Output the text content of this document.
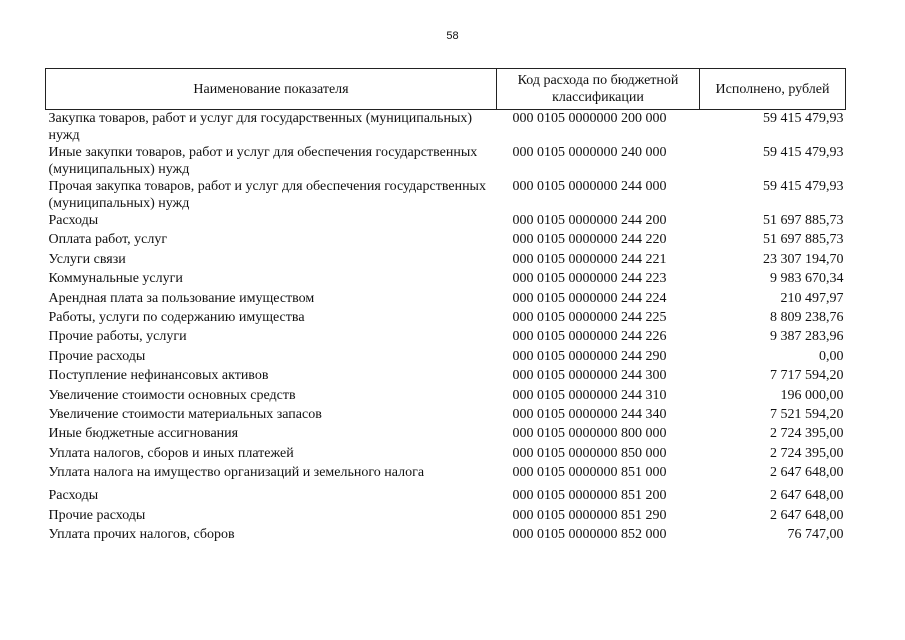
58
Наименование показателя	Код расхода по бюджетной классификации	Исполнено, рублей
Закупка товаров, работ и услуг для государственных (муниципальных) нужд	000 0105 0000000 200 000	59 415 479,93
Иные закупки товаров, работ и услуг для обеспечения государственных (муниципальных) нужд	000 0105 0000000 240 000	59 415 479,93
Прочая закупка товаров, работ и услуг для обеспечения государственных (муниципальных) нужд	000 0105 0000000 244 000	59 415 479,93
Расходы	000 0105 0000000 244 200	51 697 885,73
Оплата работ, услуг	000 0105 0000000 244 220	51 697 885,73
Услуги связи	000 0105 0000000 244 221	23 307 194,70
Коммунальные услуги	000 0105 0000000 244 223	9 983 670,34
Арендная плата за пользование имуществом	000 0105 0000000 244 224	210 497,97
Работы, услуги по содержанию имущества	000 0105 0000000 244 225	8 809 238,76
Прочие работы, услуги	000 0105 0000000 244 226	9 387 283,96
Прочие расходы	000 0105 0000000 244 290	0,00
Поступление нефинансовых активов	000 0105 0000000 244 300	7 717 594,20
Увеличение стоимости основных средств	000 0105 0000000 244 310	196 000,00
Увеличение стоимости материальных запасов	000 0105 0000000 244 340	7 521 594,20
Иные бюджетные ассигнования	000 0105 0000000 800 000	2 724 395,00
Уплата налогов, сборов и иных платежей	000 0105 0000000 850 000	2 724 395,00
Уплата налога на имущество организаций и земельного налога	000 0105 0000000 851 000	2 647 648,00
Расходы	000 0105 0000000 851 200	2 647 648,00
Прочие расходы	000 0105 0000000 851 290	2 647 648,00
Уплата прочих налогов, сборов	000 0105 0000000 852 000	76 747,00
